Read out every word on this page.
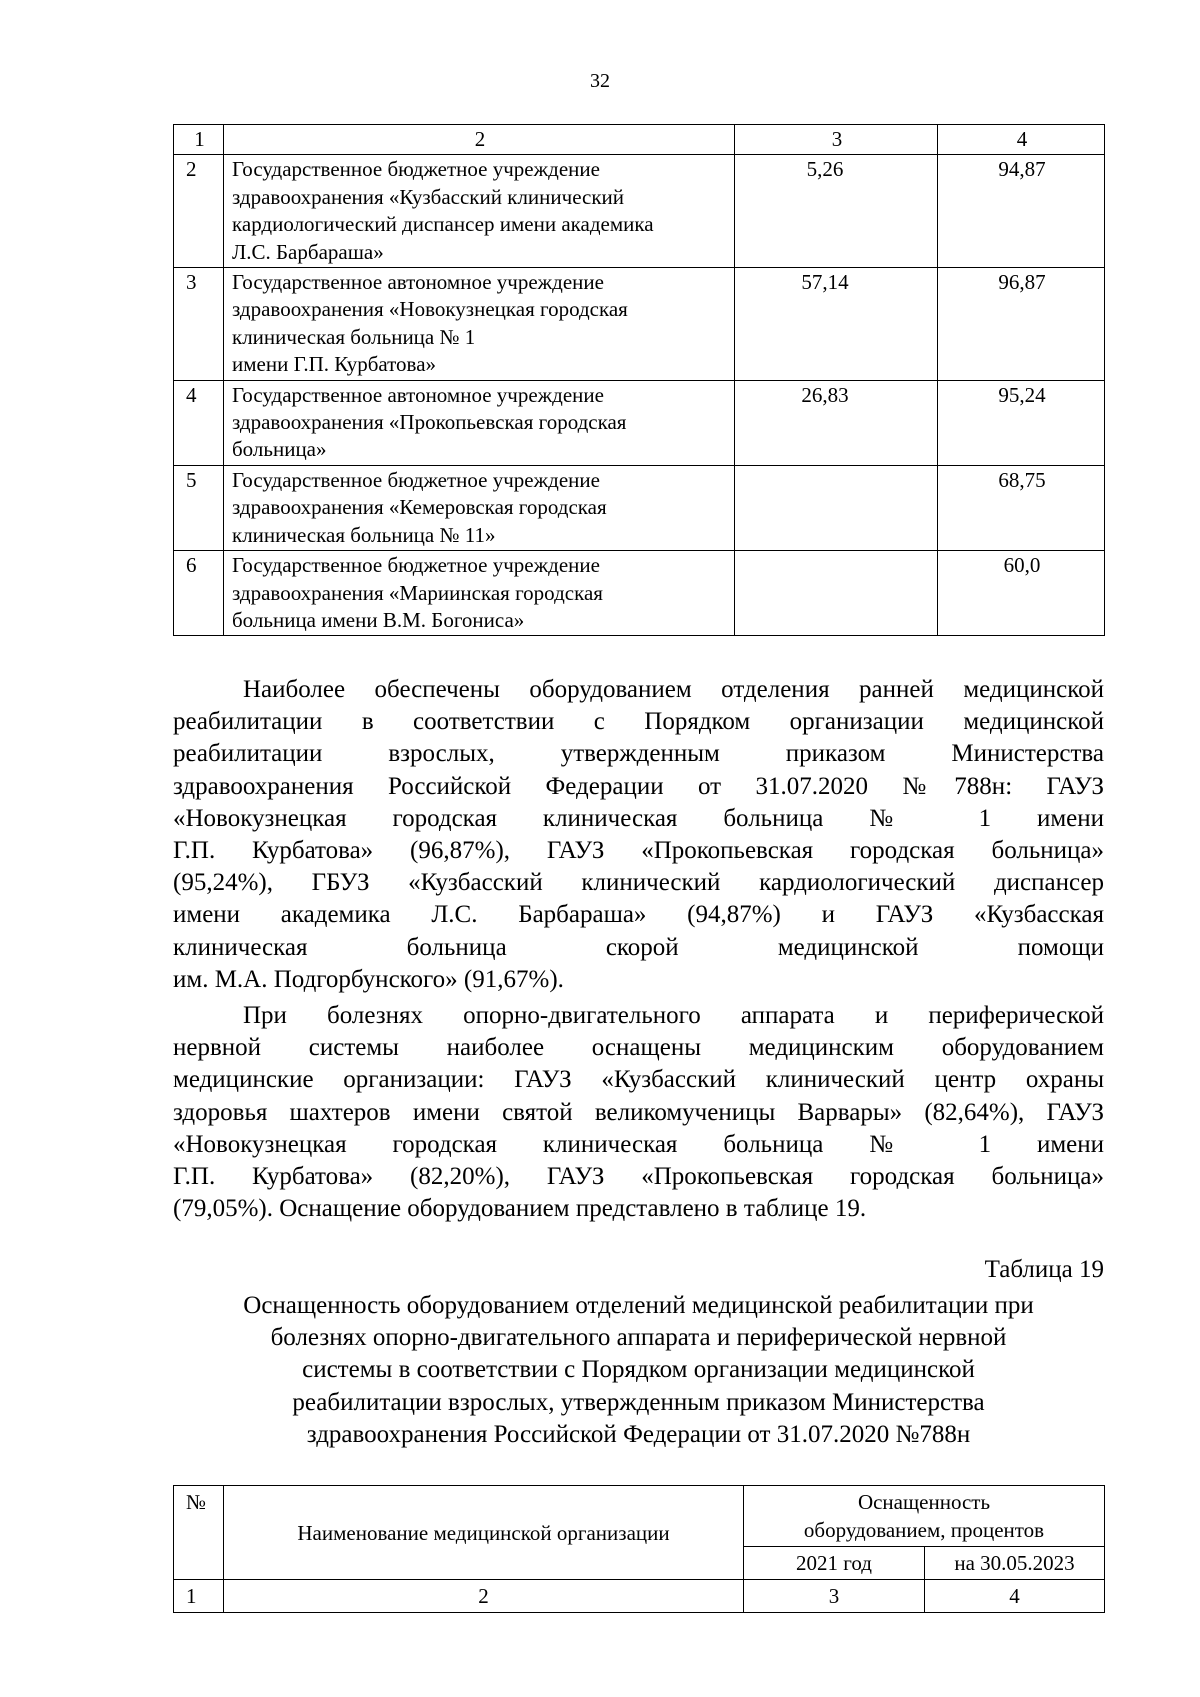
32
1	2	3	4
2	Государственное бюджетное учреждение
здравоохранения «Кузбасский клинический
кардиологический диспансер имени академика
Л.С. Барбараша»	5,26	94,87
3	Государственное автономное учреждение
здравоохранения «Новокузнецкая городская
клиническая больница № 1
имени Г.П. Курбатова»	57,14	96,87
4	Государственное автономное учреждение
здравоохранения «Прокопьевская городская
больница»	26,83	95,24
5	Государственное бюджетное учреждение
здравоохранения «Кемеровская городская
клиническая больница № 11»		68,75
6	Государственное бюджетное учреждение
здравоохранения «Мариинская городская
больница имени В.М. Богониса»		60,0
Наиболее обеспечены оборудованием отделения ранней медицинской
реабилитации в соответствии с Порядком организации медицинской
реабилитации взрослых, утвержденным приказом Министерства
здравоохранения Российской Федерации от 31.07.2020 №788н: ГАУЗ
«Новокузнецкая городская клиническая больница № 1 имени
Г.П. Курбатова» (96,87%), ГАУЗ «Прокопьевская городская больница»
(95,24%), ГБУЗ «Кузбасский клинический кардиологический диспансер
имени академика Л.С. Барбараша» (94,87%) и ГАУЗ «Кузбасская
клиническая больница скорой медицинской помощи
им. М.А. Подгорбунского» (91,67%).
При болезнях опорно-двигательного аппарата и периферической
нервной системы наиболее оснащены медицинским оборудованием
медицинские организации: ГАУЗ «Кузбасский клинический центр охраны
здоровья шахтеров имени святой великомученицы Варвары» (82,64%), ГАУЗ
«Новокузнецкая городская клиническая больница № 1 имени
Г.П. Курбатова» (82,20%), ГАУЗ «Прокопьевская городская больница»
(79,05%). Оснащение оборудованием представлено в таблице 19.
Таблица 19
Оснащенность оборудованием отделений медицинской реабилитации при
болезнях опорно-двигательного аппарата и периферической нервной
системы в соответствии с Порядком организации медицинской
реабилитации взрослых, утвержденным приказом Министерства
здравоохранения Российской Федерации от 31.07.2020 №788н
№	Наименование медицинской организации	Оснащенность
оборудованием, процентов	

		2021 год	на 30.05.2023
1	2	3	4
